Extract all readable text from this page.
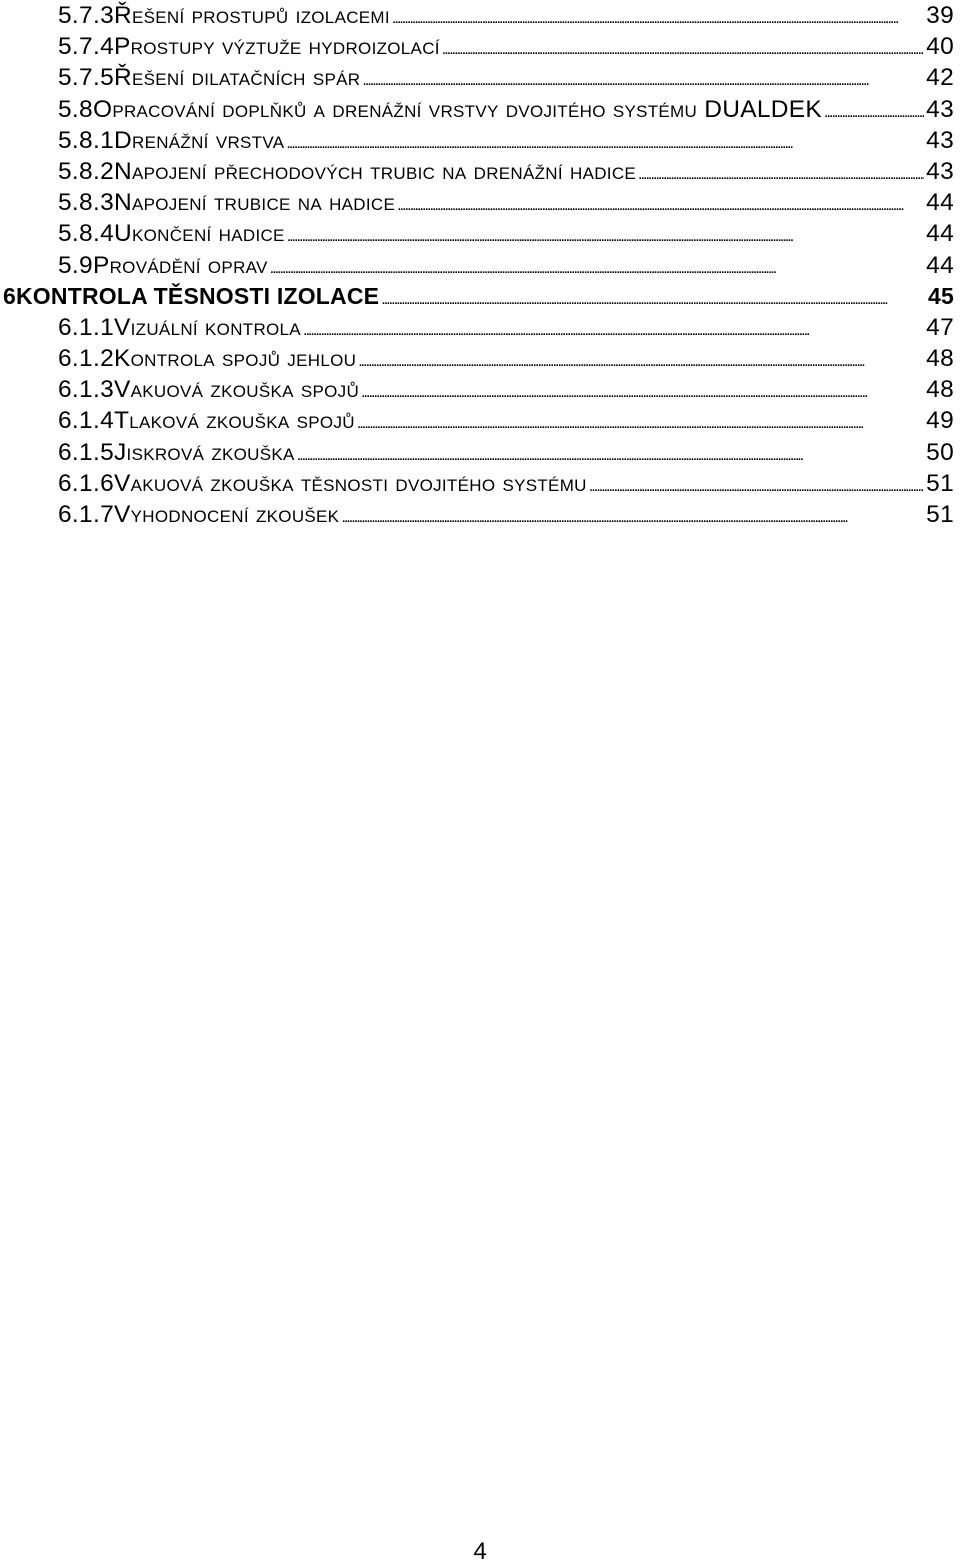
5.7.3 Řešení prostupů izolacemi . . .	39
5.7.4 Prostupy výztuže hydroizolací . . .	40
5.7.5 Řešení dilatačních spár . . .	42
5.8 Opracování doplňků a drenážní vrstvy dvojitého systému DUALDEK . . .	43
5.8.1 Drenážní vrstva . . .	43
5.8.2 Napojení přechodových trubic na drenážní hadice . . .	43
5.8.3 Napojení trubice na hadice . . .	44
5.8.4 Ukončení hadice . . .	44
5.9 Provádění oprav . . .	44
6 KONTROLA TĚSNOSTI IZOLACE . . .	45
6.1.1 Vizuální kontrola . . .	47
6.1.2 Kontrola spojů jehlou . . .	48
6.1.3 Vakuová zkouška spojů . . .	48
6.1.4 Tlaková zkouška spojů . . .	49
6.1.5 Jiskrová zkouška . . .	50
6.1.6 Vakuová zkouška těsnosti dvojitého systému . . .	51
6.1.7 Vyhodnocení zkoušek . . .	51
4
